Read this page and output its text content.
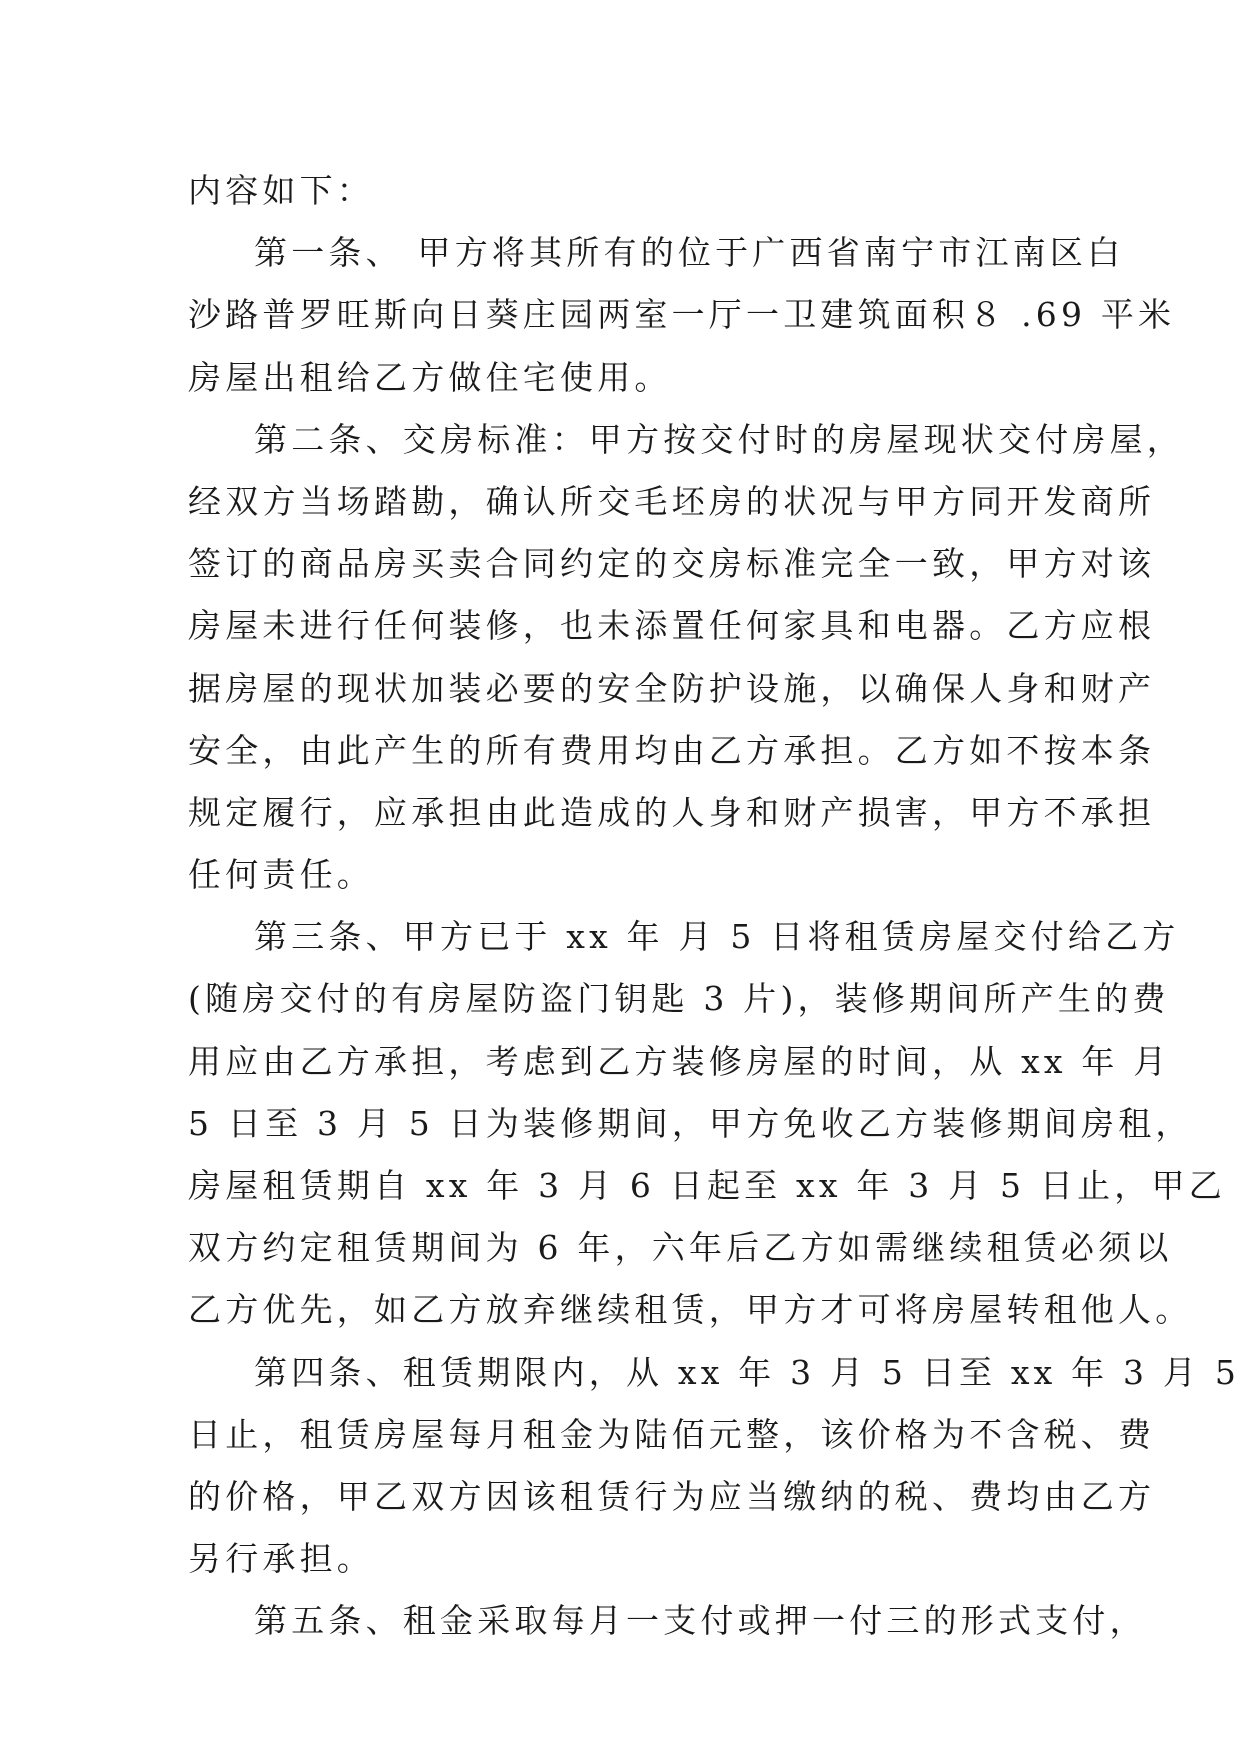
内容如下：
第一条、 甲方将其所有的位于广西省南宁市江南区白
沙路普罗旺斯向日葵庄园两室一厅一卫建筑面积８ .69 平米
房屋出租给乙方做住宅使用。
第二条、交房标准：甲方按交付时的房屋现状交付房屋，
经双方当场踏勘，确认所交毛坯房的状况与甲方同开发商所
签订的商品房买卖合同约定的交房标准完全一致，甲方对该
房屋未进行任何装修，也未添置任何家具和电器。乙方应根
据房屋的现状加装必要的安全防护设施，以确保人身和财产
安全，由此产生的所有费用均由乙方承担。乙方如不按本条
规定履行，应承担由此造成的人身和财产损害，甲方不承担
任何责任。
第三条、甲方已于 xx 年 月 5 日将租赁房屋交付给乙方
(随房交付的有房屋防盗门钥匙 3 片)，装修期间所产生的费
用应由乙方承担，考虑到乙方装修房屋的时间，从 xx 年 月
5 日至 3 月 5 日为装修期间，甲方免收乙方装修期间房租，
房屋租赁期自 xx 年 3 月 6 日起至 xx 年 3 月 5 日止，甲乙
双方约定租赁期间为 6 年，六年后乙方如需继续租赁必须以
乙方优先，如乙方放弃继续租赁，甲方才可将房屋转租他人。
第四条、租赁期限内，从 xx 年 3 月 5 日至 xx 年 3 月 5
日止，租赁房屋每月租金为陆佰元整，该价格为不含税、费
的价格，甲乙双方因该租赁行为应当缴纳的税、费均由乙方
另行承担。
第五条、租金采取每月一支付或押一付三的形式支付，
